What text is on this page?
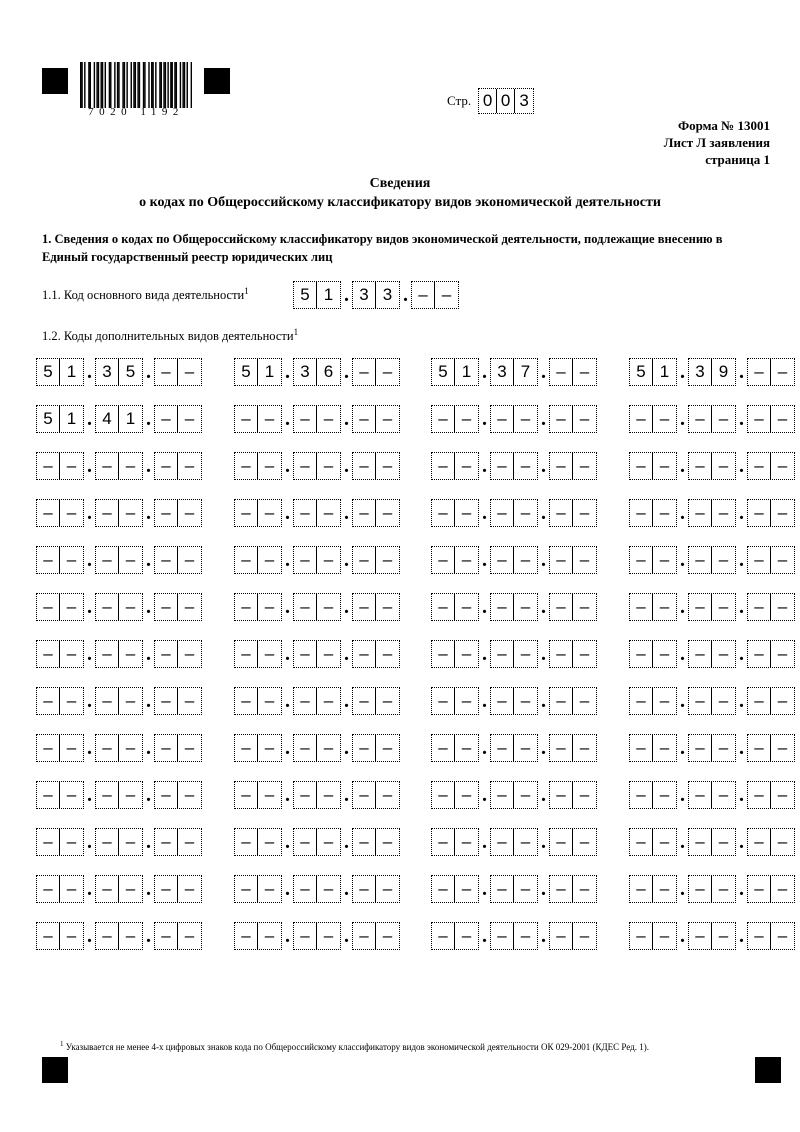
7020 1192
Стр. 0 0 3
Форма № 13001
Лист Л заявления
страница 1
Сведения
о кодах по Общероссийскому классификатору видов экономической деятельности
1. Сведения о кодах по Общероссийскому классификатору видов экономической деятельности, подлежащие внесению в Единый государственный реестр юридических лиц
1.1. Код основного вида деятельности$^1$	5 1 . 3 3 . – –
1.2. Коды дополнительных видов деятельности$^1$
5 1 . 3 5 . – –	5 1 . 3 6 . – –	5 1 . 3 7 . – –	5 1 . 3 9 . – –
5 1 . 4 1 . – –	– – . – – . – –	– – . – – . – –	– – . – – . – –
– – . – – . – –	– – . – – . – –	– – . – – . – –	– – . – – . – –
– – . – – . – –	– – . – – . – –	– – . – – . – –	– – . – – . – –
– – . – – . – –	– – . – – . – –	– – . – – . – –	– – . – – . – –
– – . – – . – –	– – . – – . – –	– – . – – . – –	– – . – – . – –
– – . – – . – –	– – . – – . – –	– – . – – . – –	– – . – – . – –
– – . – – . – –	– – . – – . – –	– – . – – . – –	– – . – – . – –
– – . – – . – –	– – . – – . – –	– – . – – . – –	– – . – – . – –
– – . – – . – –	– – . – – . – –	– – . – – . – –	– – . – – . – –
– – . – – . – –	– – . – – . – –	– – . – – . – –	– – . – – . – –
– – . – – . – –	– – . – – . – –	– – . – – . – –	– – . – – . – –
– – . – – . – –	– – . – – . – –	– – . – – . – –	– – . – – . – –
$^1$ Указывается не менее 4-х цифровых знаков кода по Общероссийскому классификатору видов экономической деятельности ОК 029-2001 (КДЕС Ред. 1).
